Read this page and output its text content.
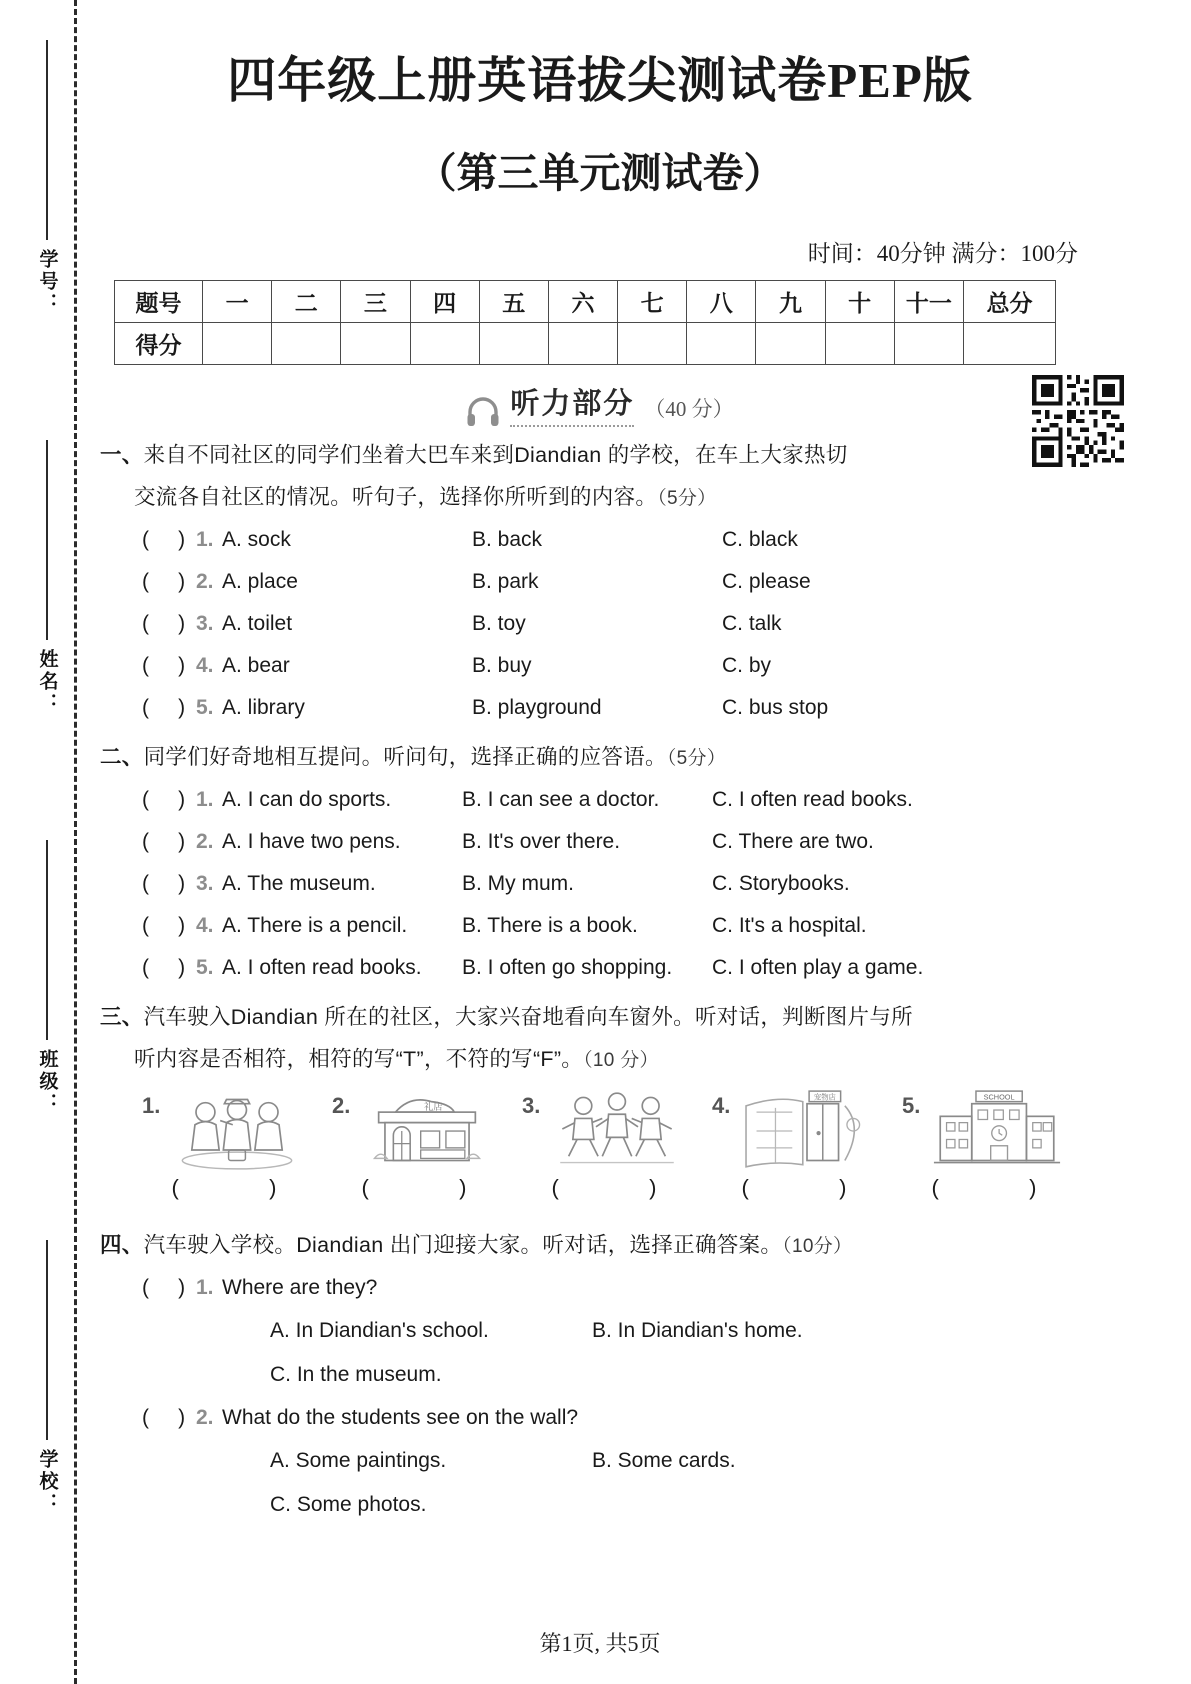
学号：
姓名：
班级：
学校：
四年级上册英语拔尖测试卷PEP版
（第三单元测试卷）
时间：40分钟 满分：100分
题号	一	二	三	四	五	六	七	八	九	十	十一	总分
得分												
听力部分 （40 分）
一、来自不同社区的同学们坐着大巴车来到Diandian 的学校，在车上大家热切
交流各自社区的情况。听句子，选择你所听到的内容。（5分）
(     ) 1. A. sock	B. back	C. black
(     ) 2. A. place	B. park	C. please
(     ) 3. A. toilet	B. toy	C. talk
(     ) 4. A. bear	B. buy	C. by
(     ) 5. A. library	B. playground	C. bus stop
二、同学们好奇地相互提问。听问句，选择正确的应答语。（5分）
(     ) 1. A. I can do sports.	B. I can see a doctor.	C. I often read books.
(     ) 2. A. I have two pens.	B. It's over there.	C. There are two.
(     ) 3. A. The museum.	B. My mum.	C. Storybooks.
(     ) 4. A. There is a pencil.	B. There is a book.	C. It's a hospital.
(     ) 5. A. I often read books.	B. I often go shopping.	C. I often play a game.
三、汽车驶入Diandian 所在的社区，大家兴奋地看向车窗外。听对话，判断图片与所
听内容是否相符，相符的写“T”，不符的写“F”。（10 分）
1.
(  )
2.	礼店
(  )
3.
(  )
4.	宠物店
(  )
5.	SCHOOL
(  )
四、汽车驶入学校。Diandian 出门迎接大家。听对话，选择正确答案。（10分）
(     ) 1. Where are they?
A. In Diandian's school.	B. In Diandian's home.
C. In the museum.
(     ) 2. What do the students see on the wall?
A. Some paintings.	B. Some cards.
C. Some photos.
第1页, 共5页
